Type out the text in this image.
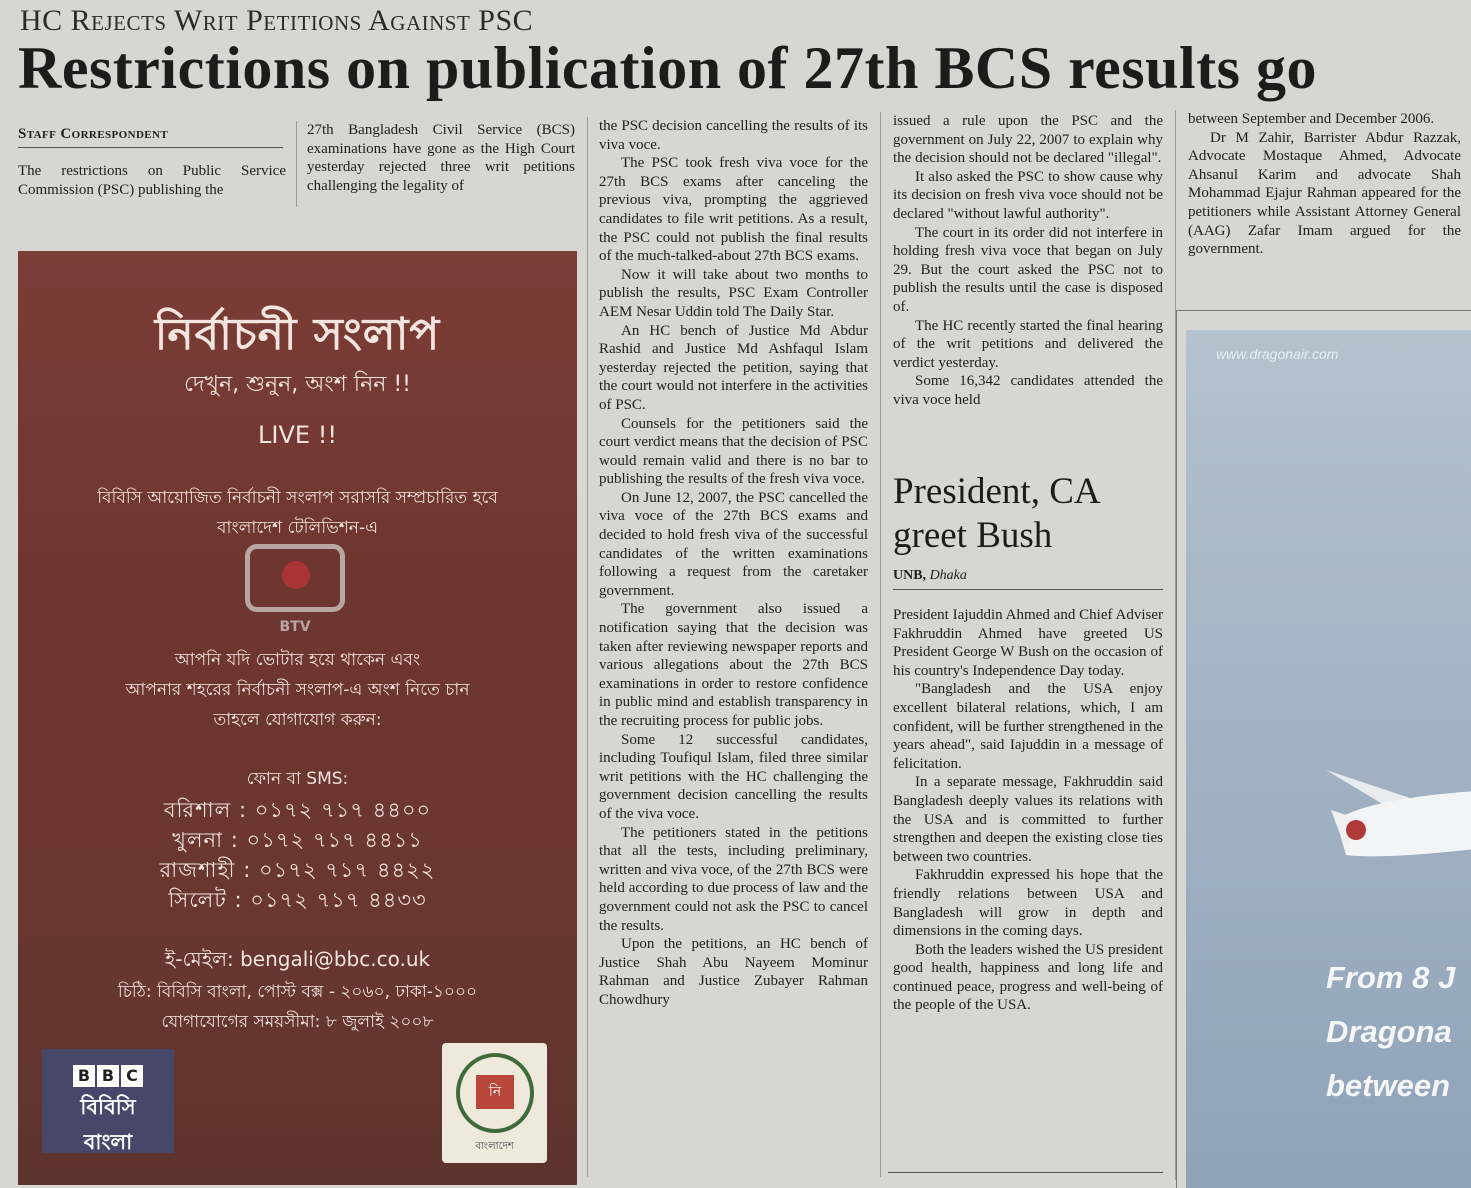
HC Rejects Writ Petitions Against PSC
Restrictions on publication of 27th BCS results go
Staff Correspondent

The restrictions on Public Service Commission (PSC) publishing the

27th Bangladesh Civil Service (BCS) examinations have gone as the High Court yesterday rejected three writ petitions challenging the legality of

the PSC decision cancelling the results of its viva voce.

The PSC took fresh viva voce for the 27th BCS exams after canceling the previous viva, prompting the aggrieved candidates to file writ petitions. As a result, the PSC could not publish the final results of the much-talked-about 27th BCS exams.

Now it will take about two months to publish the results, PSC Exam Controller AEM Nesar Uddin told The Daily Star.

An HC bench of Justice Md Abdur Rashid and Justice Md Ashfaqul Islam yesterday rejected the petition, saying that the court would not interfere in the activities of PSC.

Counsels for the petitioners said the court verdict means that the decision of PSC would remain valid and there is no bar to publishing the results of the fresh viva voce.

On June 12, 2007, the PSC cancelled the viva voce of the 27th BCS exams and decided to hold fresh viva of the successful candidates of the written examinations following a request from the caretaker government.

The government also issued a notification saying that the decision was taken after reviewing newspaper reports and various allegations about the 27th BCS examinations in order to restore confidence in public mind and establish transparency in the recruiting process for public jobs.

Some 12 successful candidates, including Toufiqul Islam, filed three similar writ petitions with the HC challenging the government decision cancelling the results of the viva voce.

The petitioners stated in the petitions that all the tests, including preliminary, written and viva voce, of the 27th BCS were held according to due process of law and the government could not ask the PSC to cancel the results.

Upon the petitions, an HC bench of Justice Shah Abu Nayeem Mominur Rahman and Justice Zubayer Rahman Chowdhury

issued a rule upon the PSC and the government on July 22, 2007 to explain why the decision should not be declared "illegal".

It also asked the PSC to show cause why its decision on fresh viva voce should not be declared "without lawful authority".

The court in its order did not interfere in holding fresh viva voce that began on July 29. But the court asked the PSC not to publish the results until the case is disposed of.

The HC recently started the final hearing of the writ petitions and delivered the verdict yesterday.

Some 16,342 candidates attended the viva voce held

President, CA greet Bush
UNB, Dhaka

President Iajuddin Ahmed and Chief Adviser Fakhruddin Ahmed have greeted US President George W Bush on the occasion of his country's Independence Day today.

"Bangladesh and the USA enjoy excellent bilateral relations, which, I am confident, will be further strengthened in the years ahead", said Iajuddin in a message of felicitation.

In a separate message, Fakhruddin said Bangladesh deeply values its relations with the USA and is committed to further strengthen and deepen the existing close ties between two countries.

Fakhruddin expressed his hope that the friendly relations between USA and Bangladesh will grow in depth and dimensions in the coming days.

Both the leaders wished the US president good health, happiness and long life and continued peace, progress and well-being of the people of the USA.

between September and December 2006.

Dr M Zahir, Barrister Abdur Razzak, Advocate Mostaque Ahmed, Advocate Ahsanul Karim and advocate Shah Mohammad Ejajur Rahman appeared for the petitioners while Assistant Attorney General (AAG) Zafar Imam argued for the government.

নির্বাচনী সংলাপ
দেখুন, শুনুন, অংশ নিন !!
LIVE !!
বিবিসি আয়োজিত নির্বাচনী সংলাপ সরাসরি সম্প্রচারিত হবে
বাংলাদেশ টেলিভিশন-এ
BTV
আপনি যদি ভোটার হয়ে থাকেন এবং
আপনার শহরের নির্বাচনী সংলাপ-এ অংশ নিতে চান
তাহলে যোগাযোগ করুন:
ফোন বা SMS:
বরিশাল : ০১৭২ ৭১৭ ৪৪০০
খুলনা : ০১৭২ ৭১৭ ৪৪১১
রাজশাহী : ০১৭২ ৭১৭ ৪৪২২
সিলেট : ০১৭২ ৭১৭ ৪৪৩৩
ই-মেইল: bengali@bbc.co.uk
চিঠি: বিবিসি বাংলা, পোস্ট বক্স - ২০৬০, ঢাকা-১০০০
যোগাযোগের সময়সীমা: ৮ জুলাই ২০০৮
B B C
বিবিসি
বাংলা
নি
বাংলাদেশ
www.dragonair.com
From 8 J
Dragona
between
